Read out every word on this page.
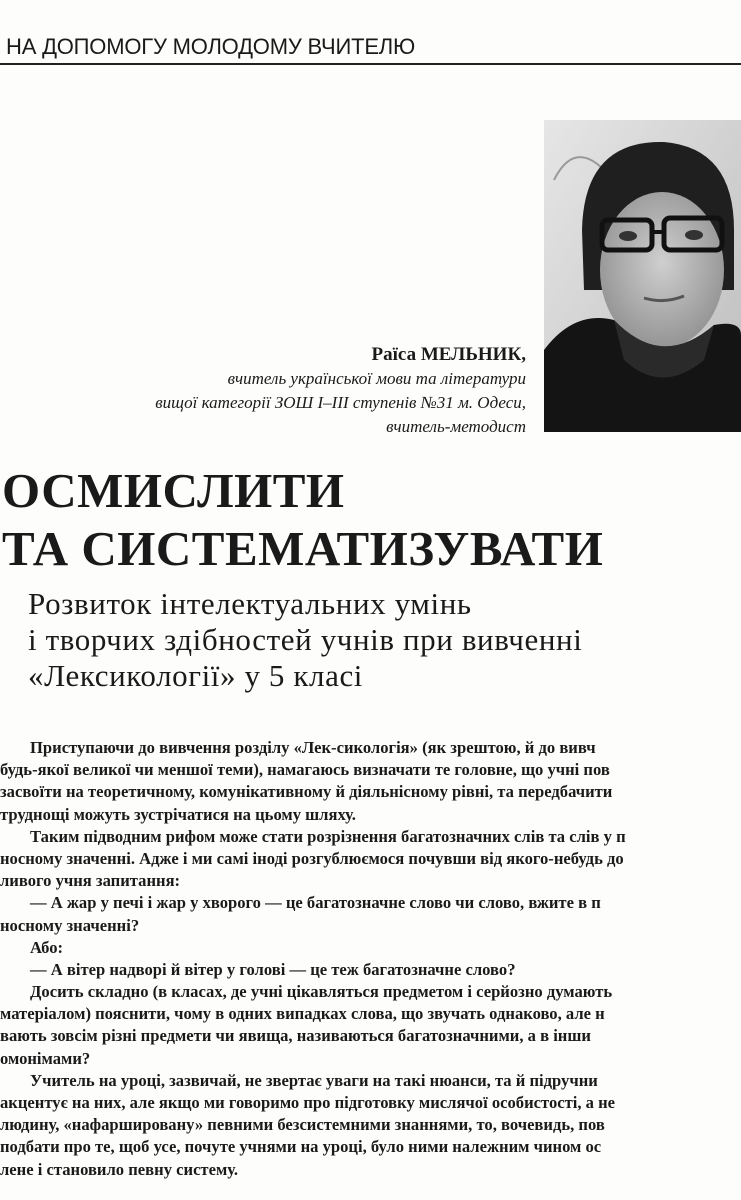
НА ДОПОМОГУ МОЛОДОМУ ВЧИТЕЛЮ
Раїса МЕЛЬНИК,
вчитель української мови та літератури
вищої категорії ЗОШ І–ІІІ ступенів №31 м. Одеси,
вчитель-методист
ОСМИСЛИТИ
ТА СИСТЕМАТИЗУВАТИ
Розвиток інтелектуальних умінь
і творчих здібностей учнів при вивченні
«Лексикології» у 5 класі
Приступаючи до вивчення розділу «Лек-сикологія» (як зрештою, й до вивч
будь-якої великої чи меншої теми), намагаюсь визначати те головне, що учні пов
засвоїти на теоретичному, комунікативному й діяльнісному рівні, та передбачити
труднощі можуть зустрічатися на цьому шляху.
Таким підводним рифом може стати розрізнення багатозначних слів та слів у п
носному значенні. Адже і ми самі іноді розгублюємося почувши від якого-небудь до
ливого учня запитання:
— А жар у печі і жар у хворого — це багатозначне слово чи слово, вжите в п
носному значенні?
Або:
— А вітер надворі й вітер у голові — це теж багатозначне слово?
Досить складно (в класах, де учні цікавляться предметом і серйозно думають
матеріалом) пояснити, чому в одних випадках слова, що звучать однаково, але н
вають зовсім різні предмети чи явища, називаються багатозначними, а в інши
омонімами?
Учитель на уроці, зазвичай, не звертає уваги на такі нюанси, та й підручни
акцентує на них, але якщо ми говоримо про підготовку мислячої особистості, а не
людину, «нафаршировану» певними безсистемними знаннями, то, вочевидь, пов
подбати про те, щоб усе, почуте учнями на уроці, було ними належним чином ос
лене і становило певну систему.
